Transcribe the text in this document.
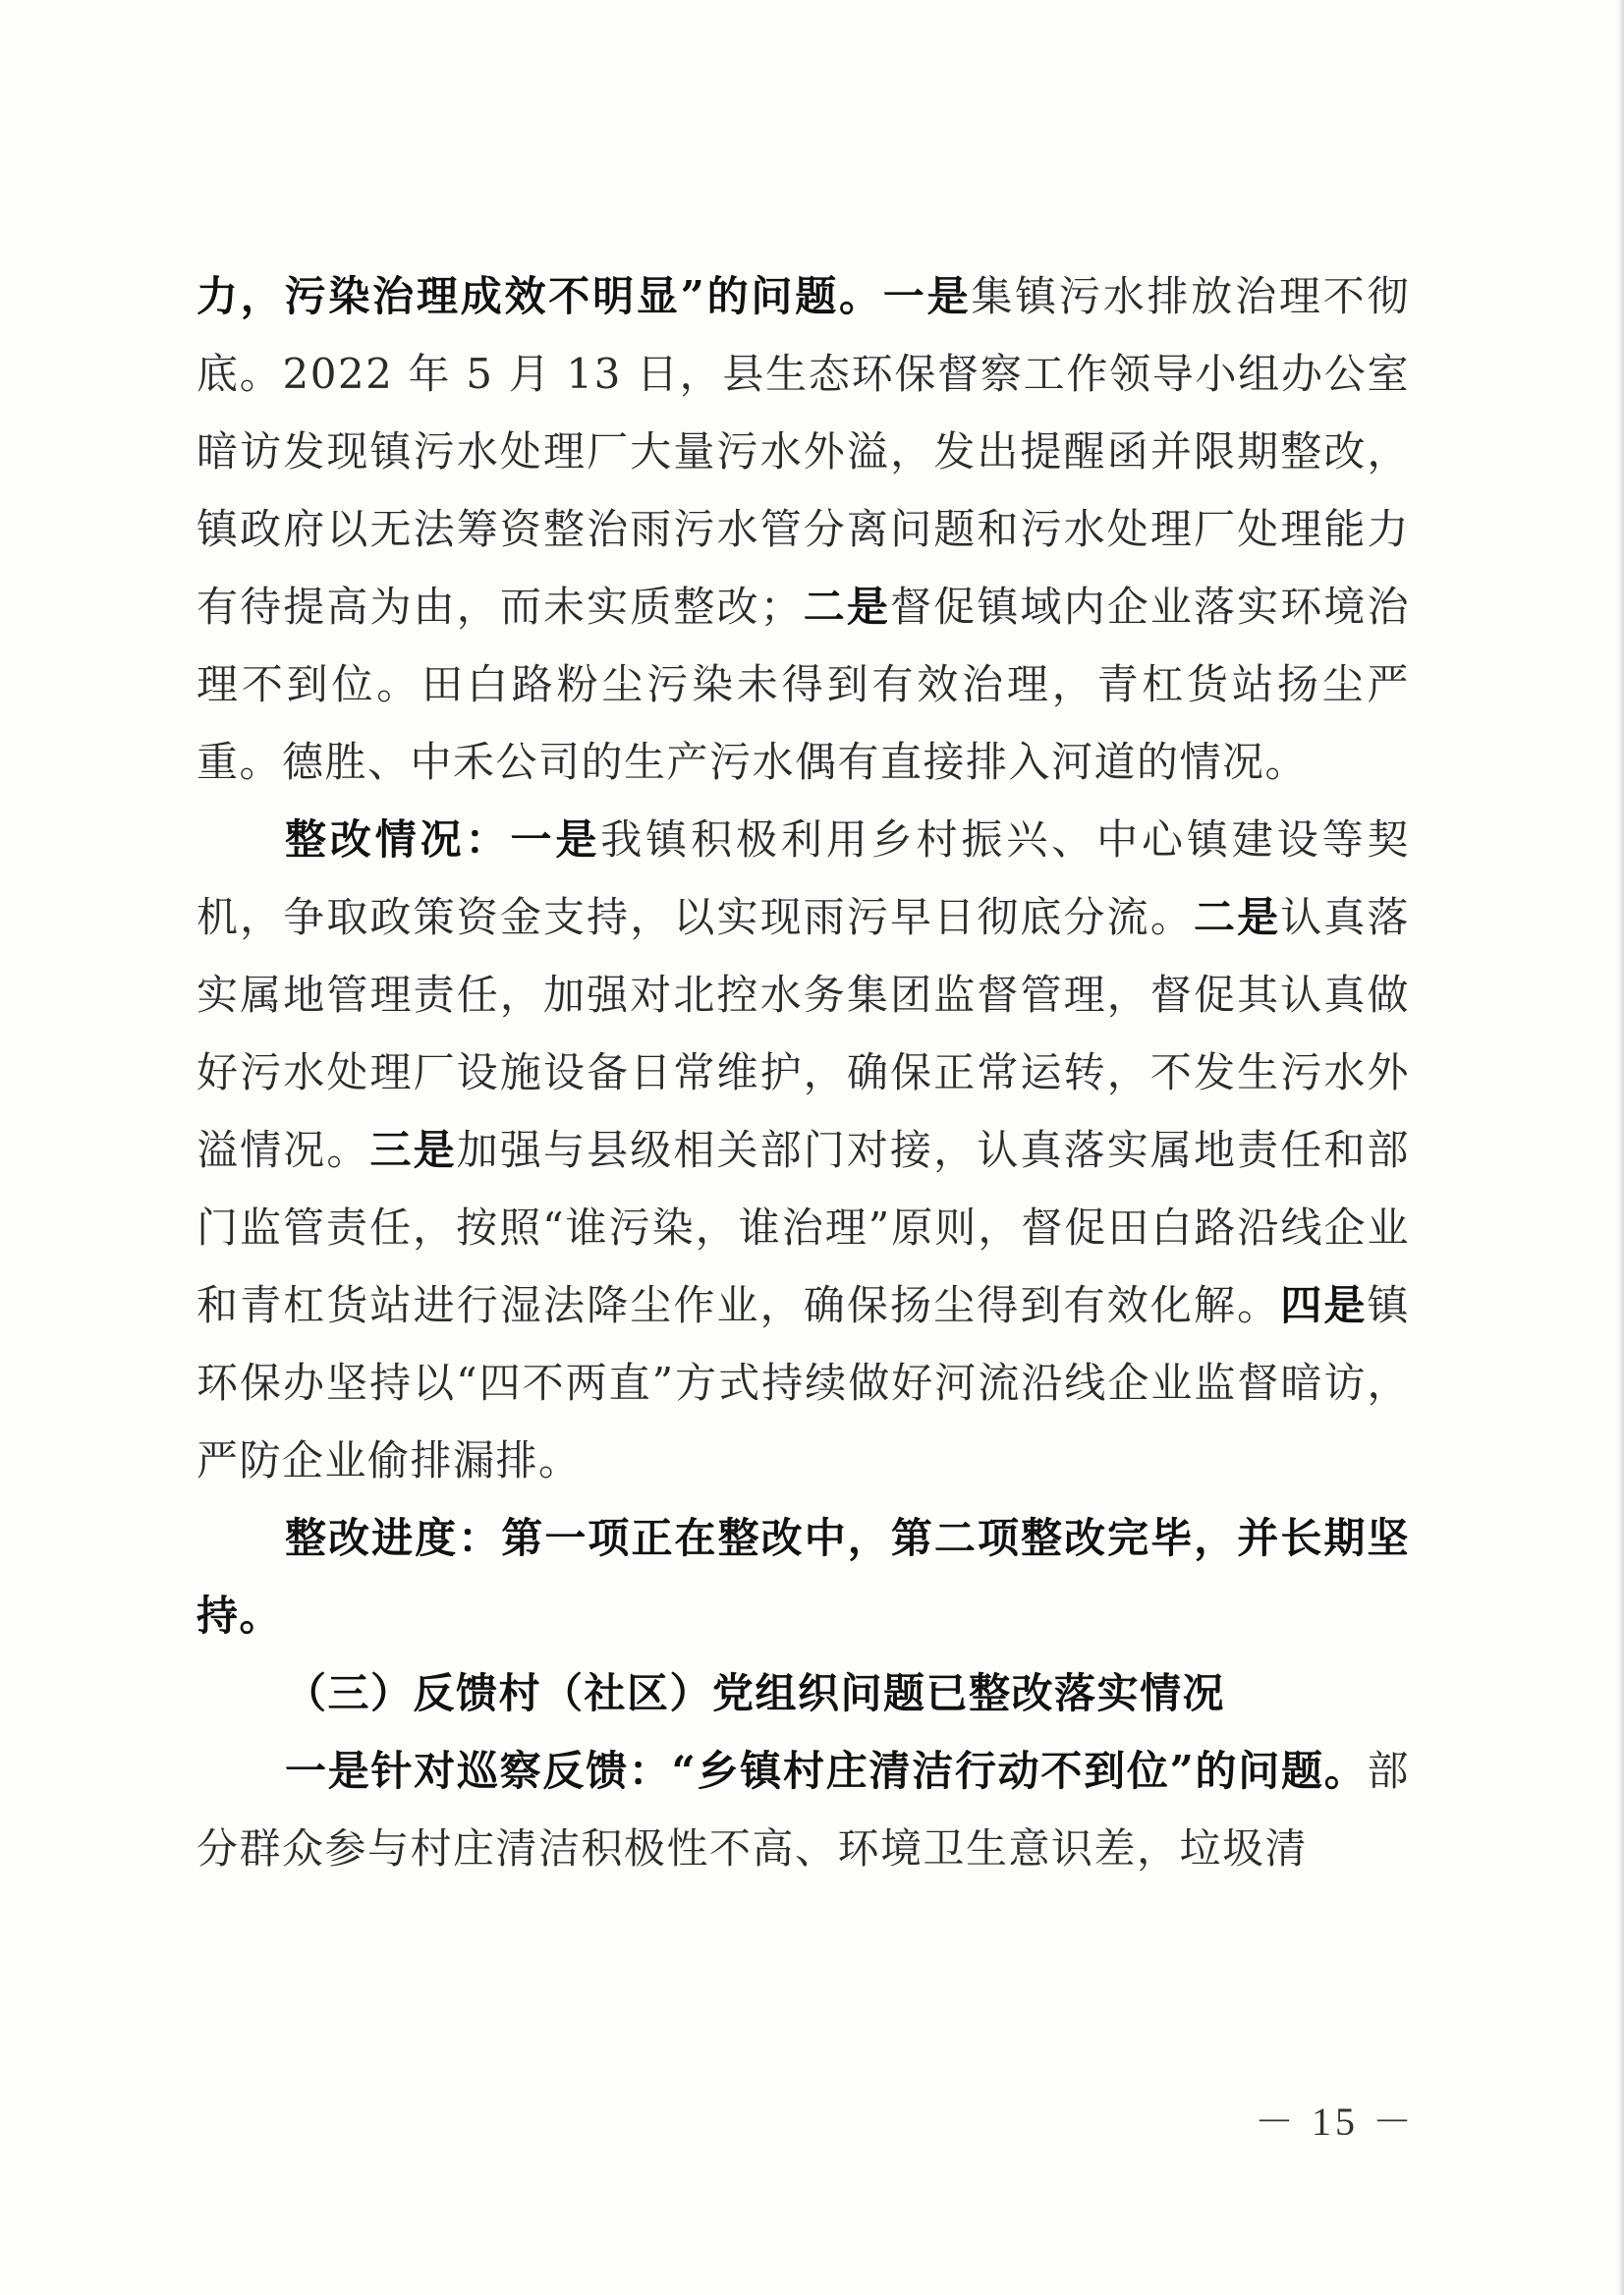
力，污染治理成效不明显”的问题。一是集镇污水排放治理不彻底。2022 年 5 月 13 日，县生态环保督察工作领导小组办公室暗访发现镇污水处理厂大量污水外溢，发出提醒函并限期整改，镇政府以无法筹资整治雨污水管分离问题和污水处理厂处理能力有待提高为由，而未实质整改；二是督促镇域内企业落实环境治理不到位。田白路粉尘污染未得到有效治理，青杠货站扬尘严重。德胜、中禾公司的生产污水偶有直接排入河道的情况。

整改情况：一是我镇积极利用乡村振兴、中心镇建设等契机，争取政策资金支持，以实现雨污早日彻底分流。二是认真落实属地管理责任，加强对北控水务集团监督管理，督促其认真做好污水处理厂设施设备日常维护，确保正常运转，不发生污水外溢情况。三是加强与县级相关部门对接，认真落实属地责任和部门监管责任，按照“谁污染，谁治理”原则，督促田白路沿线企业和青杠货站进行湿法降尘作业，确保扬尘得到有效化解。四是镇环保办坚持以“四不两直”方式持续做好河流沿线企业监督暗访，严防企业偷排漏排。

整改进度：第一项正在整改中，第二项整改完毕，并长期坚持。

（三）反馈村（社区）党组织问题已整改落实情况

一是针对巡察反馈：“乡镇村庄清洁行动不到位”的问题。部分群众参与村庄清洁积极性不高、环境卫生意识差，垃圾清

－ 15 －
